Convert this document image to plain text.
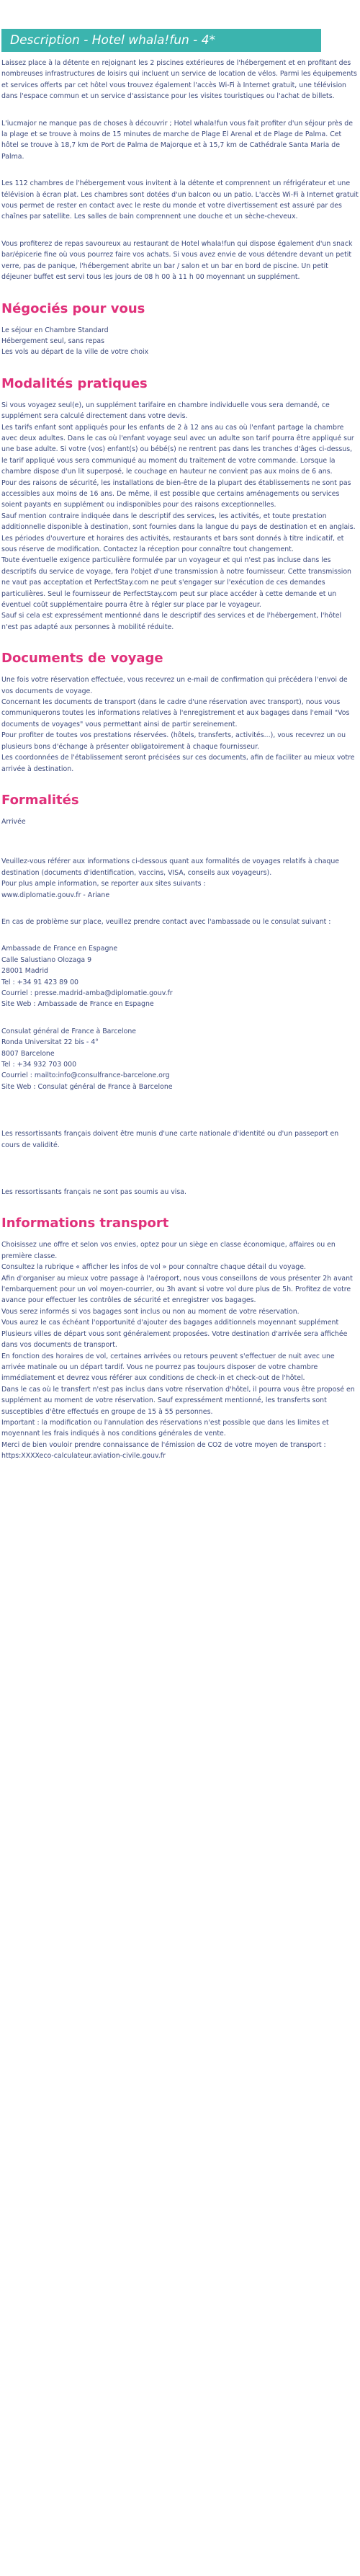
Description - Hotel whala!fun - 4*

Laissez place à la détente en rejoignant les 2 piscines extérieures de l'hébergement et en profitant des nombreuses infrastructures de loisirs qui incluent un service de location de vélos. Parmi les équipements et services offerts par cet hôtel vous trouvez également l'accès Wi-Fi à Internet gratuit, une télévision dans l'espace commun et un service d'assistance pour les visites touristiques ou l'achat de billets.

L'iucmajor ne manque pas de choses à découvrir ; Hotel whala!fun vous fait profiter d'un séjour près de la plage et se trouve à moins de 15 minutes de marche de Plage El Arenal et de Plage de Palma. Cet hôtel se trouve à 18,7 km de Port de Palma de Majorque et à 15,7 km de Cathédrale Santa Maria de Palma.

Les 112 chambres de l'hébergement vous invitent à la détente et comprennent un réfrigérateur et une télévision à écran plat. Les chambres sont dotées d'un balcon ou un patio. L'accès Wi-Fi à Internet gratuit vous permet de rester en contact avec le reste du monde et votre divertissement est assuré par des chaînes par satellite. Les salles de bain comprennent une douche et un sèche-cheveux.

Vous profiterez de repas savoureux au restaurant de Hotel whala!fun qui dispose également d'un snack bar/épicerie fine où vous pourrez faire vos achats. Si vous avez envie de vous détendre devant un petit verre, pas de panique, l'hébergement abrite un bar / salon et un bar en bord de piscine. Un petit déjeuner buffet est servi tous les jours de 08 h 00 à 11 h 00 moyennant un supplément.

Négociés pour vous

Le séjour en Chambre Standard

Hébergement seul, sans repas

Les vols au départ de la ville de votre choix

Modalités pratiques

Si vous voyagez seul(e), un supplément tarifaire en chambre individuelle vous sera demandé, ce supplément sera calculé directement dans votre devis.
Les tarifs enfant sont appliqués pour les enfants de 2 à 12 ans au cas où l'enfant partage la chambre avec deux adultes. Dans le cas où l'enfant voyage seul avec un adulte son tarif pourra être appliqué sur une base adulte. Si votre (vos) enfant(s) ou bébé(s) ne rentrent pas dans les tranches d'âges ci-dessus, le tarif appliqué vous sera communiqué au moment du traitement de votre commande. Lorsque la chambre dispose d'un lit superposé, le couchage en hauteur ne convient pas aux moins de 6 ans.
Pour des raisons de sécurité, les installations de bien-être de la plupart des établissements ne sont pas accessibles aux moins de 16 ans. De même, il est possible que certains aménagements ou services soient payants en supplément ou indisponibles pour des raisons exceptionnelles.
Sauf mention contraire indiquée dans le descriptif des services, les activités, et toute prestation additionnelle disponible à destination, sont fournies dans la langue du pays de destination et en anglais.
Les périodes d'ouverture et horaires des activités, restaurants et bars sont donnés à titre indicatif, et sous réserve de modification. Contactez la réception pour connaître tout changement.
Toute éventuelle exigence particulière formulée par un voyageur et qui n'est pas incluse dans les descriptifs du service de voyage, fera l'objet d'une transmission à notre fournisseur. Cette transmission ne vaut pas acceptation et PerfectStay.com ne peut s'engager sur l'exécution de ces demandes particulières. Seul le fournisseur de PerfectStay.com peut sur place accéder à cette demande et un éventuel coût supplémentaire pourra être à régler sur place par le voyageur.
Sauf si cela est expressément mentionné dans le descriptif des services et de l'hébergement, l'hôtel n'est pas adapté aux personnes à mobilité réduite.

Documents de voyage

Une fois votre réservation effectuée, vous recevrez un e-mail de confirmation qui précédera l'envoi de vos documents de voyage.
Concernant les documents de transport (dans le cadre d'une réservation avec transport), nous vous communiquerons toutes les informations relatives à l'enregistrement et aux bagages dans l'email "Vos documents de voyages" vous permettant ainsi de partir sereinement.
Pour profiter de toutes vos prestations réservées. (hôtels, transferts, activités...), vous recevrez un ou plusieurs bons d'échange à présenter obligatoirement à chaque fournisseur.
Les coordonnées de l'établissement seront précisées sur ces documents, afin de faciliter au mieux votre arrivée à destination.

Formalités

Arrivée

Veuillez-vous référer aux informations ci-dessous quant aux formalités de voyages relatifs à chaque destination (documents d'identification, vaccins, VISA, conseils aux voyageurs).
Pour plus ample information, se reporter aux sites suivants :
www.diplomatie.gouv.fr - Ariane

En cas de problème sur place, veuillez prendre contact avec l'ambassade ou le consulat suivant :

Ambassade de France en Espagne
Calle Salustiano Olozaga 9
28001 Madrid
Tel : +34 91 423 89 00
Courriel : presse.madrid-amba@diplomatie.gouv.fr
Site Web : Ambassade de France en Espagne

Consulat général de France à Barcelone
Ronda Universitat 22 bis - 4°
8007 Barcelone
Tel : +34 932 703 000
Courriel : mailto:info@consulfrance-barcelone.org
Site Web : Consulat général de France à Barcelone

Les ressortissants français doivent être munis d'une carte nationale d'identité ou d'un passeport en cours de validité.

Les ressortissants français ne sont pas soumis au visa.

Informations transport

Choisissez une offre et selon vos envies, optez pour un siège en classe économique, affaires ou en première classe.
Consultez la rubrique « afficher les infos de vol » pour connaître chaque détail du voyage.
Afin d'organiser au mieux votre passage à l'aéroport, nous vous conseillons de vous présenter 2h avant l'embarquement pour un vol moyen-courrier, ou 3h avant si votre vol dure plus de 5h. Profitez de votre avance pour effectuer les contrôles de sécurité et enregistrer vos bagages.
Vous serez informés si vos bagages sont inclus ou non au moment de votre réservation.
Vous aurez le cas échéant l'opportunité d'ajouter des bagages additionnels moyennant supplément
Plusieurs villes de départ vous sont généralement proposées. Votre destination d'arrivée sera affichée dans vos documents de transport.
En fonction des horaires de vol, certaines arrivées ou retours peuvent s'effectuer de nuit avec une arrivée matinale ou un départ tardif. Vous ne pourrez pas toujours disposer de votre chambre immédiatement et devrez vous référer aux conditions de check-in et check-out de l'hôtel.
Dans le cas où le transfert n'est pas inclus dans votre réservation d'hôtel, il pourra vous être proposé en supplément au moment de votre réservation. Sauf expressément mentionné, les transferts sont susceptibles d'être effectués en groupe de 15 à 55 personnes.
Important : la modification ou l'annulation des réservations n'est possible que dans les limites et moyennant les frais indiqués à nos conditions générales de vente.
Merci de bien vouloir prendre connaissance de l'émission de CO2 de votre moyen de transport : https:XXXXeco-calculateur.aviation-civile.gouv.fr
